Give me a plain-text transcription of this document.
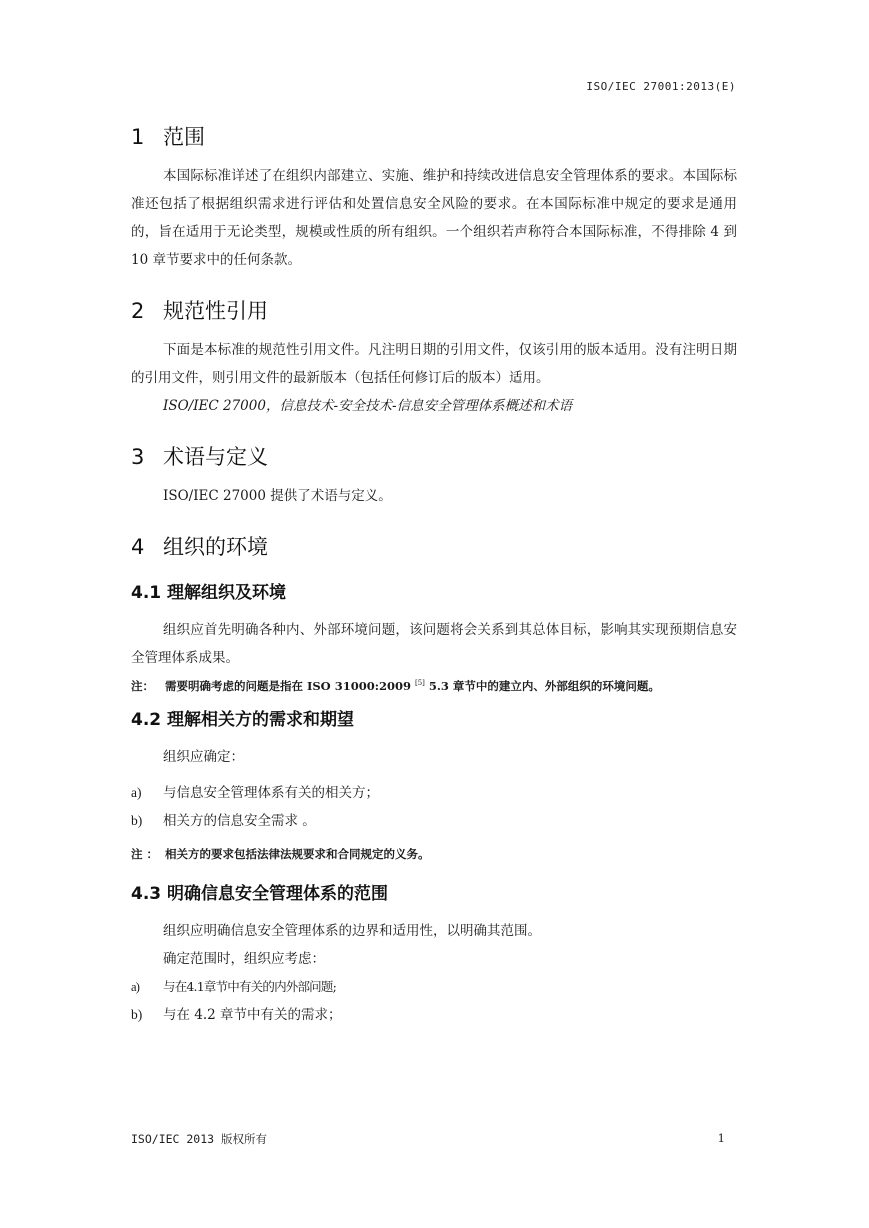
ISO/IEC 27001:2013(E)
1 范围

本国际标准详述了在组织内部建立、实施、维护和持续改进信息安全管理体系的要求。本国际标准还包括了根据组织需求进行评估和处置信息安全风险的要求。在本国际标准中规定的要求是通用的，旨在适用于无论类型，规模或性质的所有组织。一个组织若声称符合本国际标准，不得排除 4 到 10 章节要求中的任何条款。

2 规范性引用

下面是本标准的规范性引用文件。凡注明日期的引用文件，仅该引用的版本适用。没有注明日期的引用文件，则引用文件的最新版本（包括任何修订后的版本）适用。

ISO/IEC 27000，信息技术-安全技术-信息安全管理体系概述和术语

3 术语与定义

ISO/IEC 27000 提供了术语与定义。

4 组织的环境
4.1 理解组织及环境

组织应首先明确各种内、外部环境问题，该问题将会关系到其总体目标，影响其实现预期信息安全管理体系成果。

注： 需要明确考虑的问题是指在 ISO 31000:2009 [5] 5.3 章节中的建立内、外部组织的环境问题。

4.2 理解相关方的需求和期望

组织应确定：

a)	与信息安全管理体系有关的相关方；
b)	相关方的信息安全需求 。

注 ： 相关方的要求包括法律法规要求和合同规定的义务。

4.3 明确信息安全管理体系的范围

组织应明确信息安全管理体系的边界和适用性，以明确其范围。

确定范围时，组织应考虑：

a)	与在4.1章节中有关的内外部问题;
b)	与在 4.2 章节中有关的需求；
ISO/IEC 2013 版权所有	1
